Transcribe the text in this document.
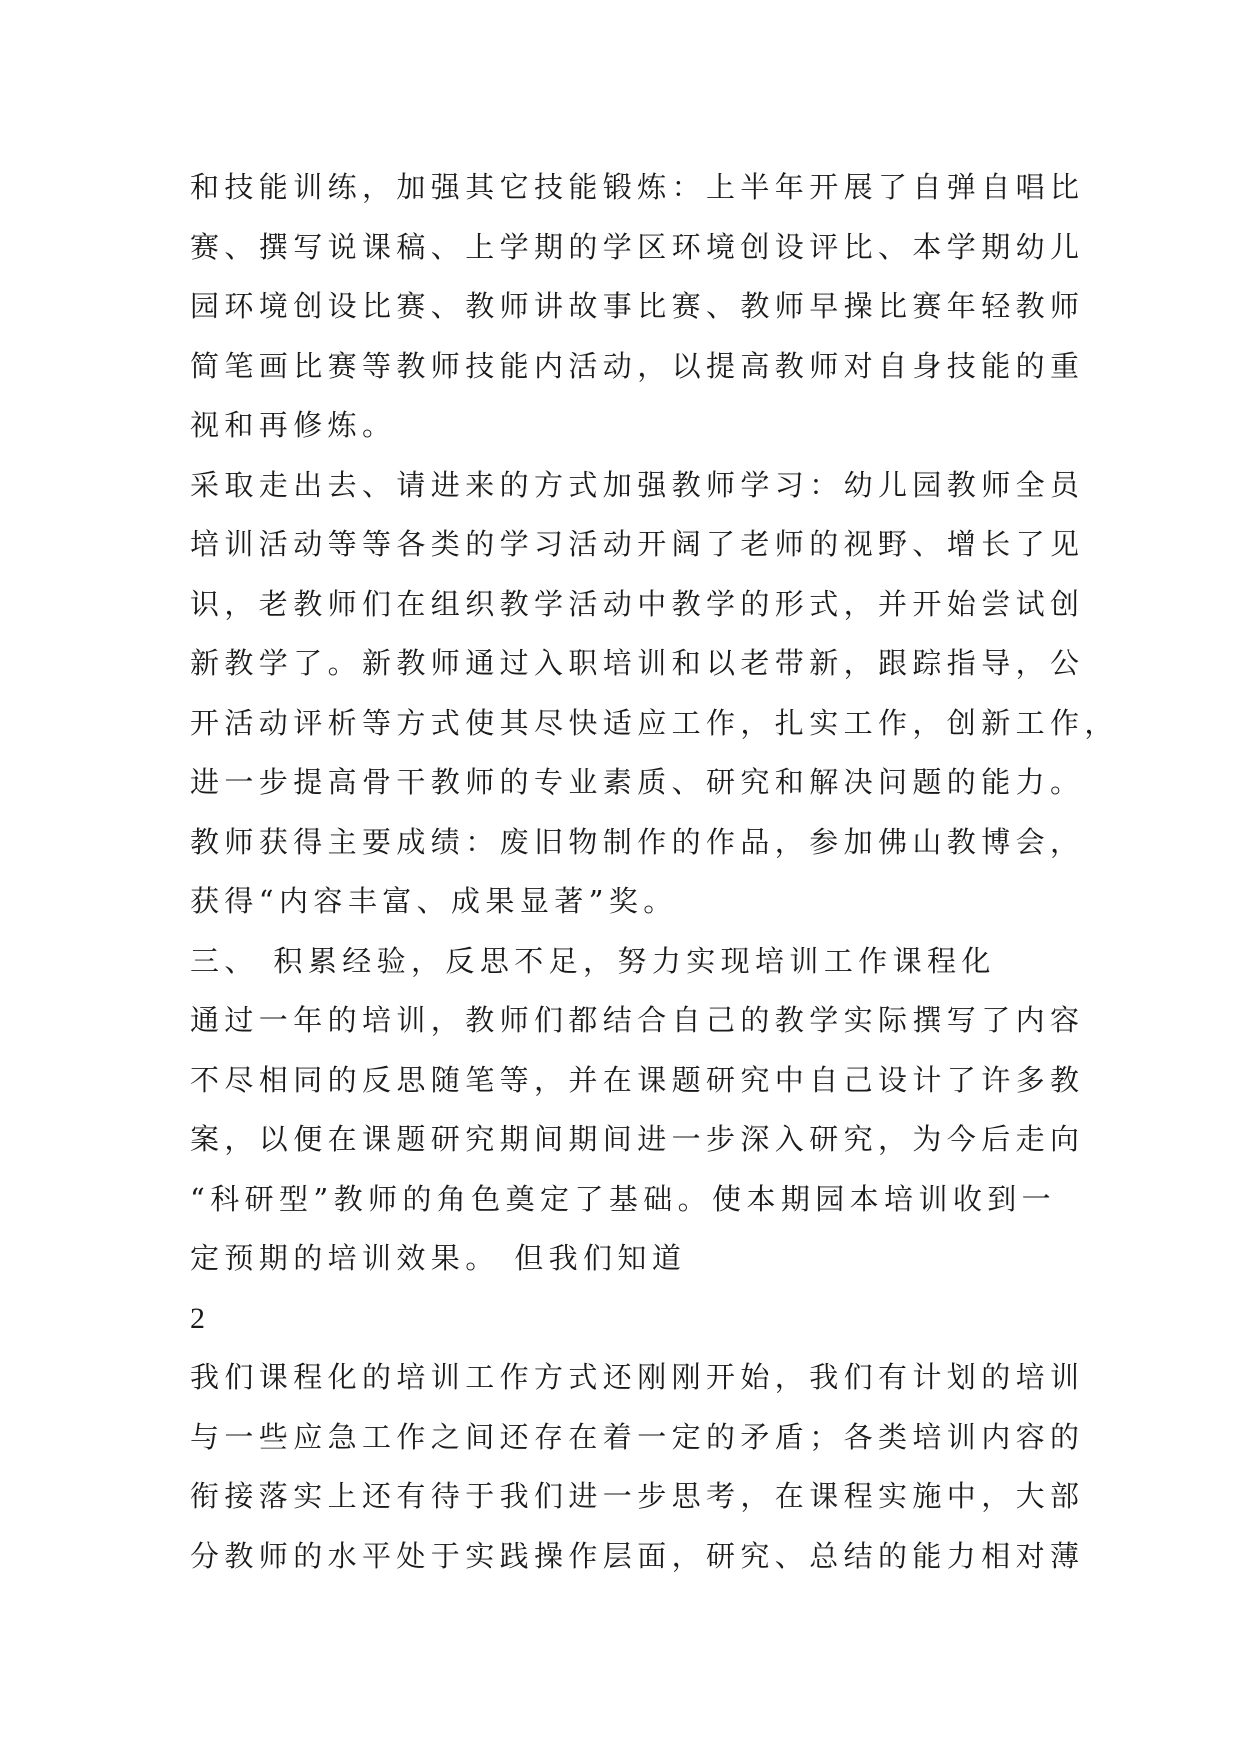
和技能训练，加强其它技能锻炼：上半年开展了自弹自唱比
赛、撰写说课稿、上学期的学区环境创设评比、本学期幼儿
园环境创设比赛、教师讲故事比赛、教师早操比赛年轻教师
简笔画比赛等教师技能内活动，以提高教师对自身技能的重
视和再修炼。
采取走出去、请进来的方式加强教师学习：幼儿园教师全员
培训活动等等各类的学习活动开阔了老师的视野、增长了见
识，老教师们在组织教学活动中教学的形式，并开始尝试创
新教学了。新教师通过入职培训和以老带新，跟踪指导，公
开活动评析等方式使其尽快适应工作，扎实工作，创新工作，
进一步提高骨干教师的专业素质、研究和解决问题的能力。
教师获得主要成绩：废旧物制作的作品，参加佛山教博会，
获得“内容丰富、成果显著”奖。
三、 积累经验，反思不足，努力实现培训工作课程化
通过一年的培训，教师们都结合自己的教学实际撰写了内容
不尽相同的反思随笔等，并在课题研究中自己设计了许多教
案，以便在课题研究期间期间进一步深入研究，为今后走向
“科研型”教师的角色奠定了基础。使本期园本培训收到一
定预期的培训效果。 但我们知道
2
我们课程化的培训工作方式还刚刚开始，我们有计划的培训
与一些应急工作之间还存在着一定的矛盾；各类培训内容的
衔接落实上还有待于我们进一步思考，在课程实施中，大部
分教师的水平处于实践操作层面，研究、总结的能力相对薄
